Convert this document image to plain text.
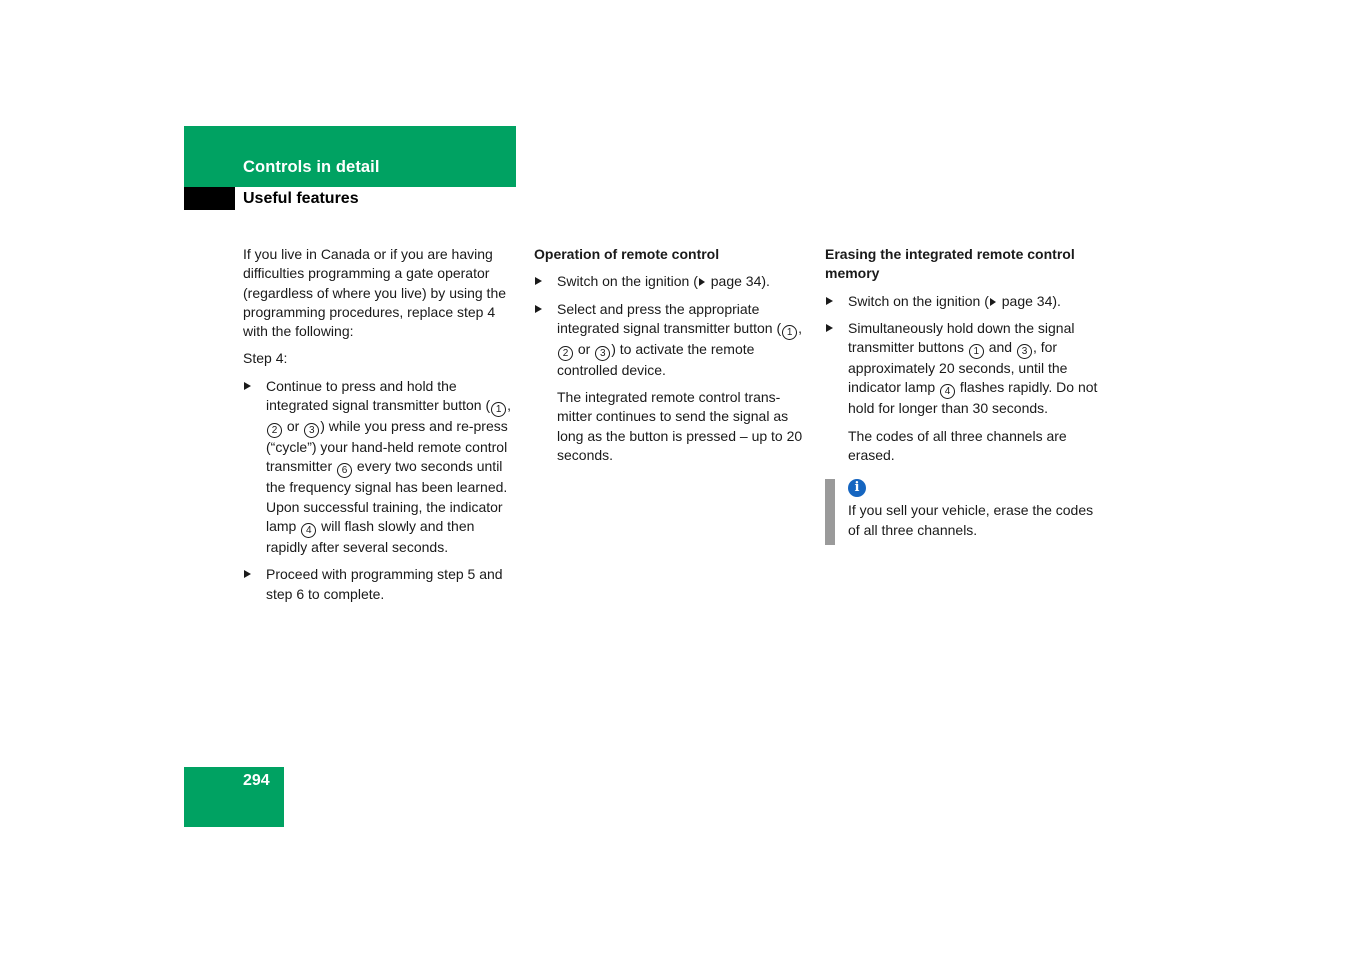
Controls in detail
Useful features

If you live in Canada or if you are having difficulties programming a gate operator (regardless of where you live) by using the programming procedures, replace step 4 with the following:

Step 4:

Continue to press and hold the integrated signal transmitter button ( 1 , 2 or 3 ) while you press and re-press (“cycle”) your hand-held remote control transmitter 6 every two seconds until the frequency signal has been learned. Upon successful training, the indicator lamp 4 will flash slowly and then rapidly after several seconds.
Proceed with programming step 5 and step 6 to complete.
Operation of remote control
Switch on the ignition ( page 34).
Select and press the appropriate integrated signal transmitter button ( 1 , 2 or 3 ) to activate the remote controlled device.

The integrated remote control trans-mitter continues to send the signal as long as the button is pressed – up to 20 seconds.

Erasing the integrated remote control memory
Switch on the ignition ( page 34).
Simultaneously hold down the signal transmitter buttons 1 and 3 , for approximately 20 seconds, until the indicator lamp 4 flashes rapidly. Do not hold for longer than 30 seconds.

The codes of all three channels are erased.

i
If you sell your vehicle, erase the codes of all three channels.
294
